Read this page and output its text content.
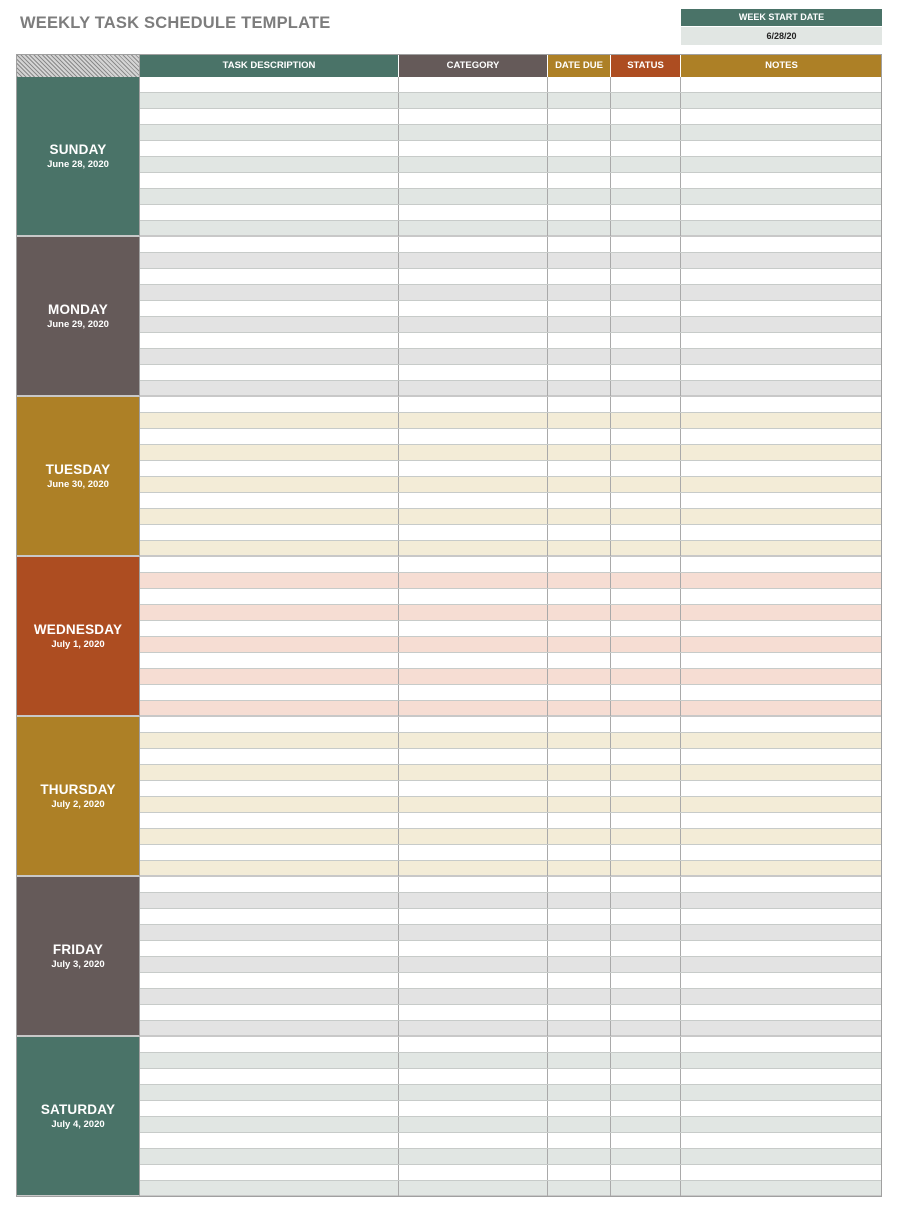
WEEKLY TASK SCHEDULE TEMPLATE	WEEK START DATE
6/28/20
TASK DESCRIPTION	CATEGORY	DATE DUE	STATUS	NOTES
SUNDAY
June 28, 2020
MONDAY
June 29, 2020
TUESDAY
June 30, 2020
WEDNESDAY
July 1, 2020
THURSDAY
July 2, 2020
FRIDAY
July 3, 2020
SATURDAY
July 4, 2020
